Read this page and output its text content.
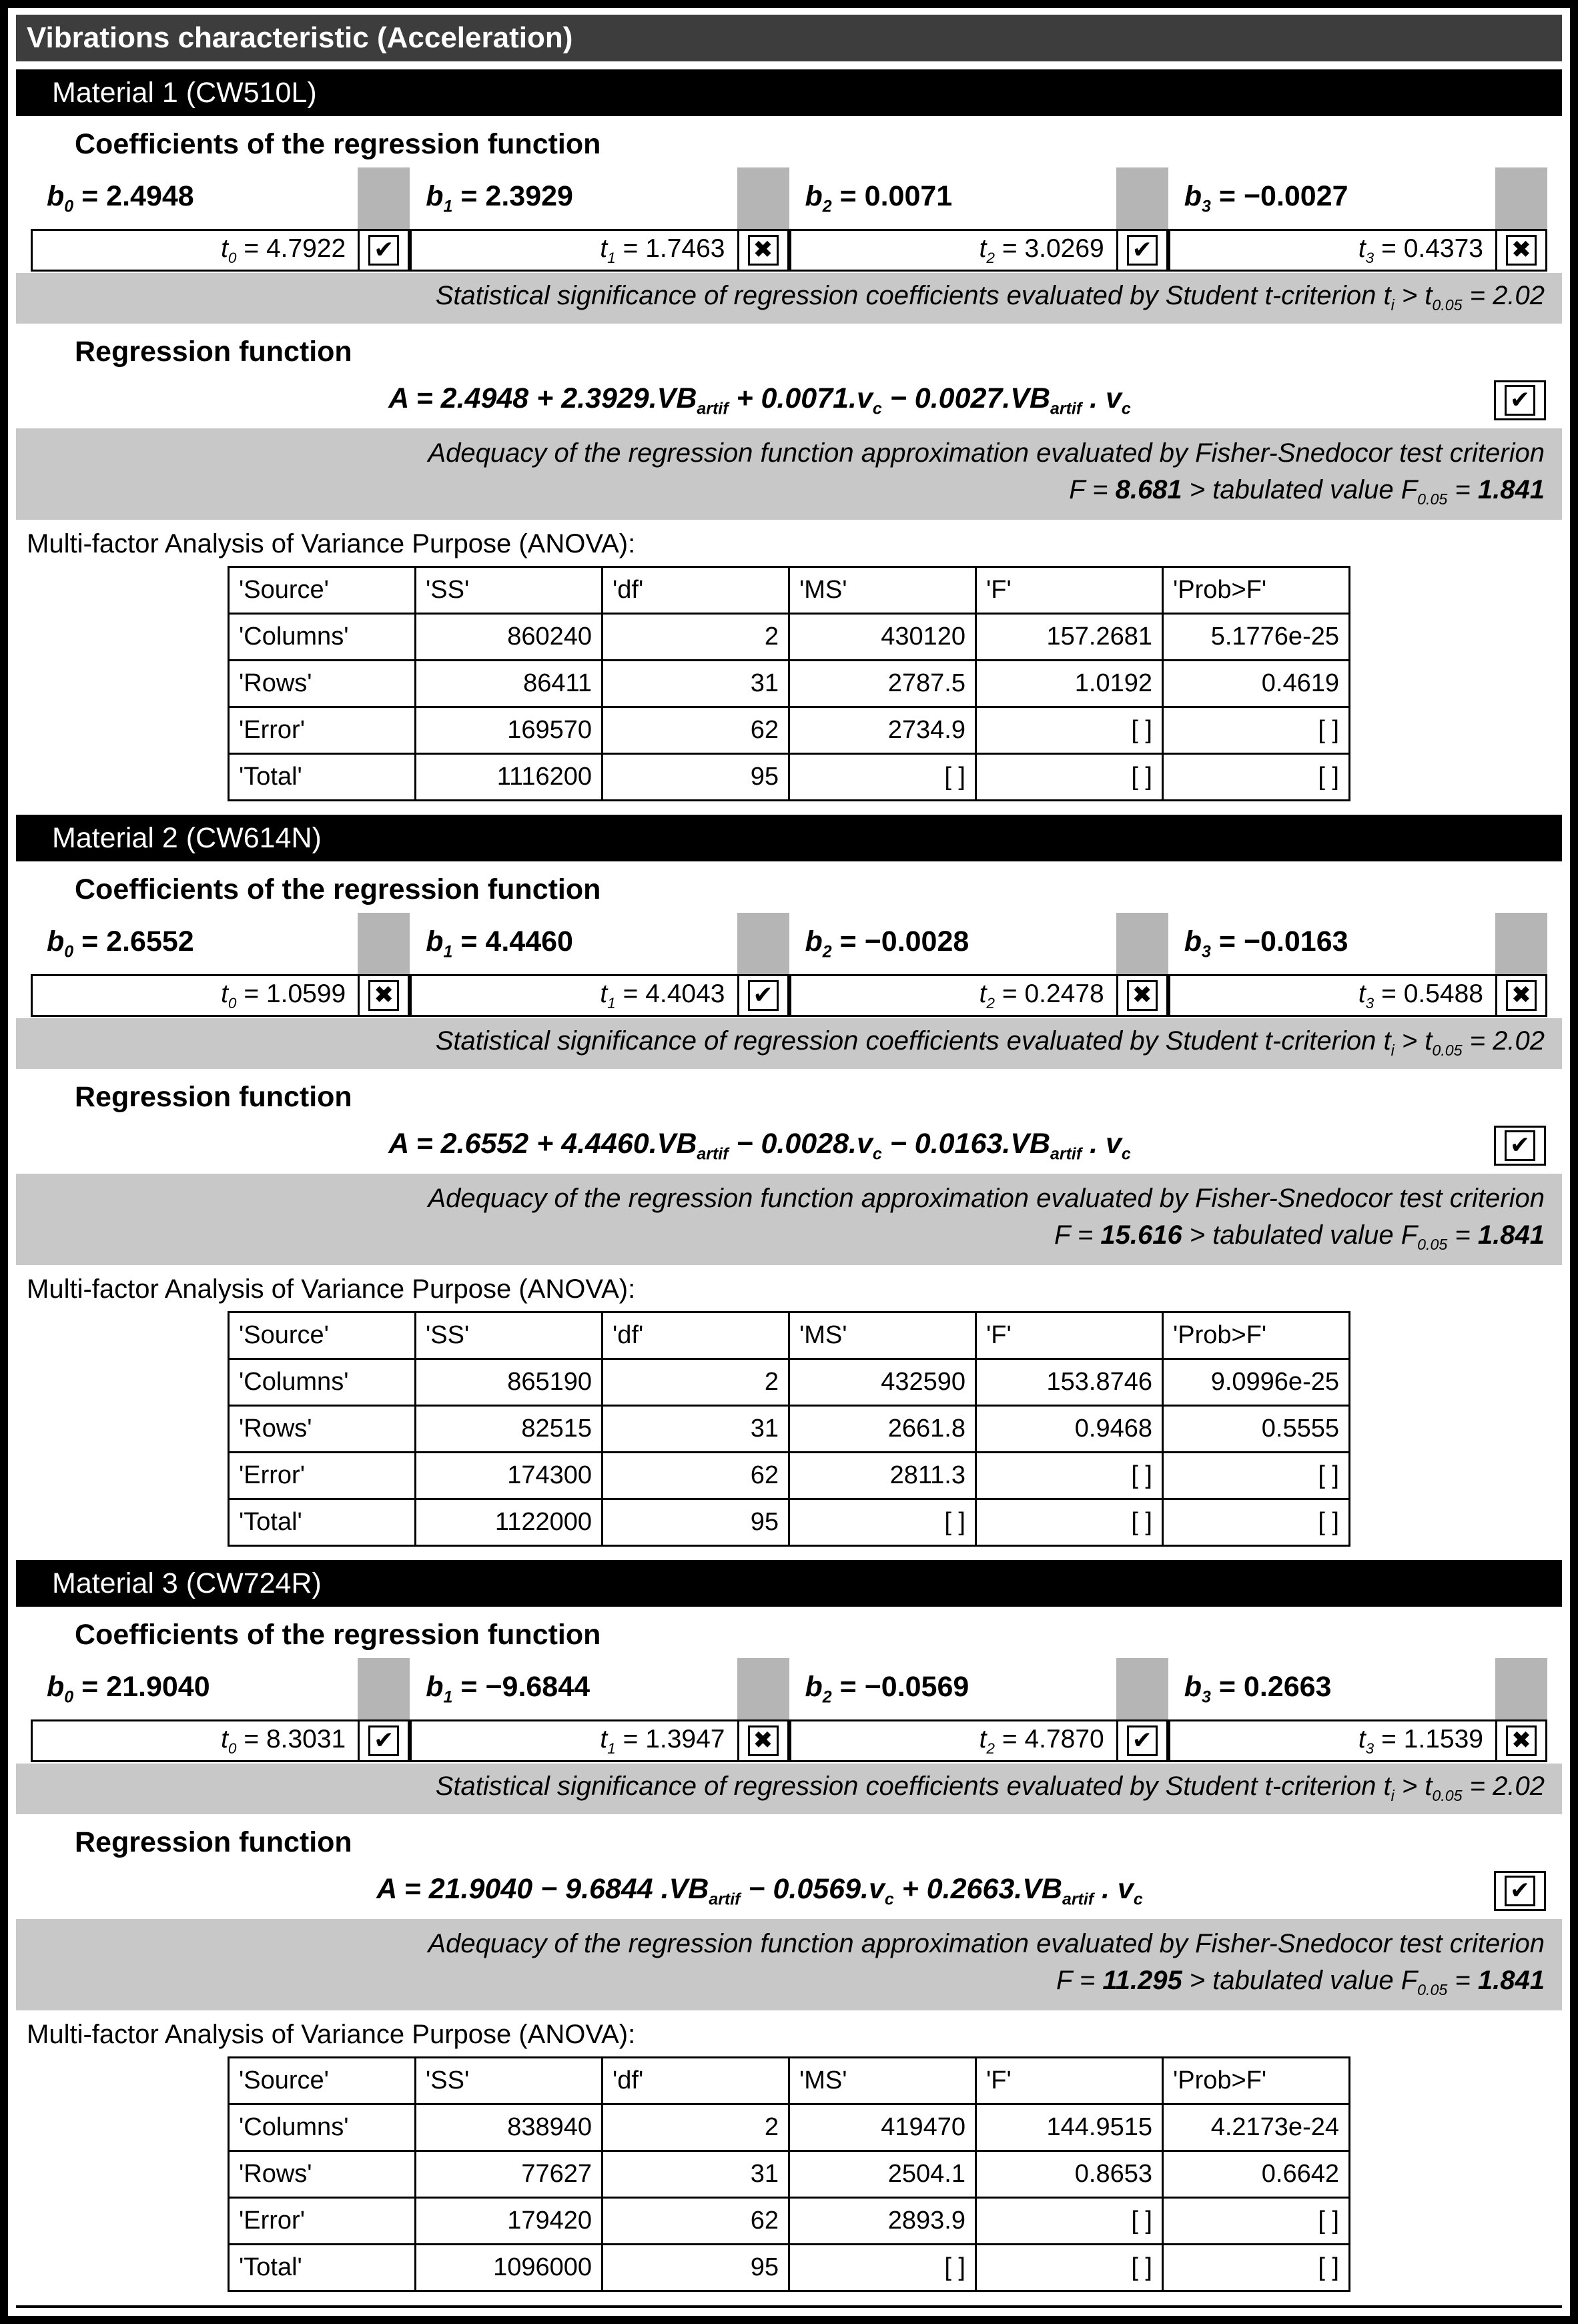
Vibrations characteristic (Acceleration)
Material 1 (CW510L)
Coefficients of the regression function
$b_0 = 2.4948$
$t_0 = 4.7922$ ✔
$b_1 = 2.3929$
$t_1 = 1.7463$ ✖
$b_2 = 0.0071$
$t_2 = 3.0269$ ✔
$b_3 = -0.0027$
$t_3 = 0.4373$ ✖
Statistical significance of regression coefficients evaluated by Student t-criterion $t_i > t_{0.05} = 2.02$
Regression function
$A = 2.4948 + 2.3929.VB_{artif} + 0.0071.v_c - 0.0027.VB_{artif}$ . $v_c$	✔
Adequacy of the regression function approximation evaluated by Fisher-Snedocor test criterion
F = 8.681 > tabulated value $F_{0.05} = 1.841$
Multi-factor Analysis of Variance Purpose (ANOVA):
'Source'	'SS'	'df'	'MS'	'F'	'Prob>F'
'Columns'	860240	2	430120	157.2681	5.1776e-25
'Rows'	86411	31	2787.5	1.0192	0.4619
'Error'	169570	62	2734.9	[ ]	[ ]
'Total'	1116200	95	[ ]	[ ]	[ ]
Material 2 (CW614N)
Coefficients of the regression function
$b_0 = 2.6552$
$t_0 = 1.0599$ ✖
$b_1 = 4.4460$
$t_1 = 4.4043$ ✔
$b_2 = -0.0028$
$t_2 = 0.2478$ ✖
$b_3 = -0.0163$
$t_3 = 0.5488$ ✖
Statistical significance of regression coefficients evaluated by Student t-criterion $t_i > t_{0.05} = 2.02$
Regression function
$A = 2.6552 + 4.4460.VB_{artif} - 0.0028.v_c - 0.0163.VB_{artif}$ . $v_c$	✔
Adequacy of the regression function approximation evaluated by Fisher-Snedocor test criterion
F = 15.616 > tabulated value $F_{0.05} = 1.841$
Multi-factor Analysis of Variance Purpose (ANOVA):
'Source'	'SS'	'df'	'MS'	'F'	'Prob>F'
'Columns'	865190	2	432590	153.8746	9.0996e-25
'Rows'	82515	31	2661.8	0.9468	0.5555
'Error'	174300	62	2811.3	[ ]	[ ]
'Total'	1122000	95	[ ]	[ ]	[ ]
Material 3 (CW724R)
Coefficients of the regression function
$b_0 = 21.9040$
$t_0 = 8.3031$ ✔
$b_1 = -9.6844$
$t_1 = 1.3947$ ✖
$b_2 = -0.0569$
$t_2 = 4.7870$ ✔
$b_3 = 0.2663$
$t_3 = 1.1539$ ✖
Statistical significance of regression coefficients evaluated by Student t-criterion $t_i > t_{0.05} = 2.02$
Regression function
A = 21.9040 − 9.6844 $.VB_{artif} - 0.0569.v_c + 0.2663.VB_{artif}$ . $v_c$	✔
Adequacy of the regression function approximation evaluated by Fisher-Snedocor test criterion
F = 11.295 > tabulated value $F_{0.05} = 1.841$
Multi-factor Analysis of Variance Purpose (ANOVA):
'Source'	'SS'	'df'	'MS'	'F'	'Prob>F'
'Columns'	838940	2	419470	144.9515	4.2173e-24
'Rows'	77627	31	2504.1	0.8653	0.6642
'Error'	179420	62	2893.9	[ ]	[ ]
'Total'	1096000	95	[ ]	[ ]	[ ]
